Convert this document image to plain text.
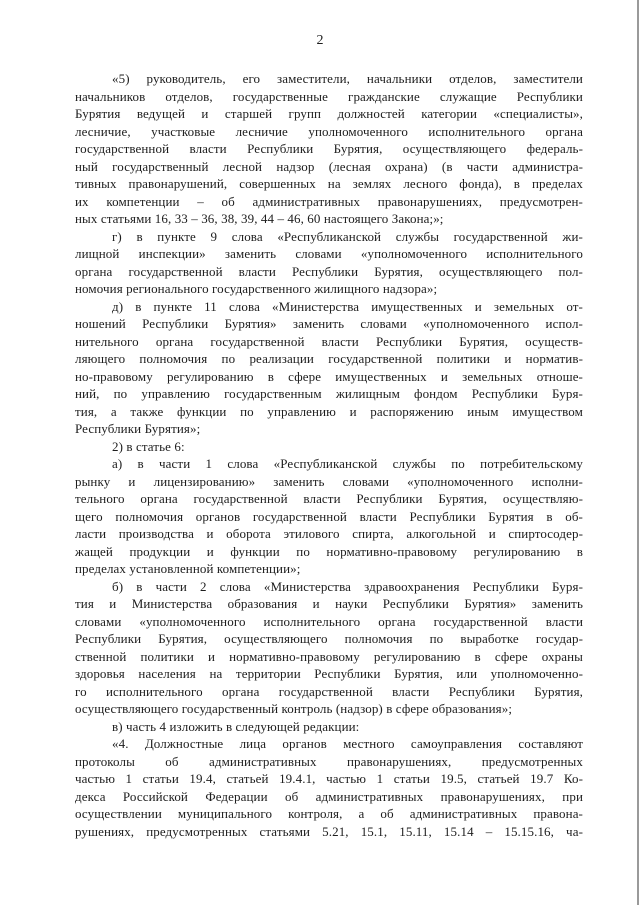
2
«5) руководитель, его заместители, начальники отделов, заместители
начальников отделов, государственные гражданские служащие Республики
Бурятия ведущей и старшей групп должностей категории «специалисты»,
лесничие, участковые лесничие уполномоченного исполнительного органа
государственной власти Республики Бурятия, осуществляющего федераль-
ный государственный лесной надзор (лесная охрана) (в части администра-
тивных правонарушений, совершенных на землях лесного фонда), в пределах
их компетенции – об административных правонарушениях, предусмотрен-
ных статьями 16, 33 – 36, 38, 39, 44 – 46, 60 настоящего Закона;»;
г) в пункте 9 слова «Республиканской службы государственной жи-
лищной инспекции» заменить словами «уполномоченного исполнительного
органа государственной власти Республики Бурятия, осуществляющего пол-
номочия регионального государственного жилищного надзора»;
д) в пункте 11 слова «Министерства имущественных и земельных от-
ношений Республики Бурятия» заменить словами «уполномоченного испол-
нительного органа государственной власти Республики Бурятия, осуществ-
ляющего полномочия по реализации государственной политики и норматив-
но-правовому регулированию в сфере имущественных и земельных отноше-
ний, по управлению государственным жилищным фондом Республики Буря-
тия, а также функции по управлению и распоряжению иным имуществом
Республики Бурятия»;
2) в статье 6:
а) в части 1 слова «Республиканской службы по потребительскому
рынку и лицензированию» заменить словами «уполномоченного исполни-
тельного органа государственной власти Республики Бурятия, осуществляю-
щего полномочия органов государственной власти Республики Бурятия в об-
ласти производства и оборота этилового спирта, алкогольной и спиртосодер-
жащей продукции и функции по нормативно-правовому регулированию в
пределах установленной компетенции»;
б) в части 2 слова «Министерства здравоохранения Республики Буря-
тия и Министерства образования и науки Республики Бурятия» заменить
словами «уполномоченного исполнительного органа государственной власти
Республики Бурятия, осуществляющего полномочия по выработке государ-
ственной политики и нормативно-правовому регулированию в сфере охраны
здоровья населения на территории Республики Бурятия, или уполномоченно-
го исполнительного органа государственной власти Республики Бурятия,
осуществляющего государственный контроль (надзор) в сфере образования»;
в) часть 4 изложить в следующей редакции:
«4. Должностные лица органов местного самоуправления составляют
протоколы об административных правонарушениях, предусмотренных
частью 1 статьи 19.4, статьей 19.4.1, частью 1 статьи 19.5, статьей 19.7 Ко-
декса Российской Федерации об административных правонарушениях, при
осуществлении муниципального контроля, а об административных правона-
рушениях, предусмотренных статьями 5.21, 15.1, 15.11, 15.14 – 15.15.16, ча-
